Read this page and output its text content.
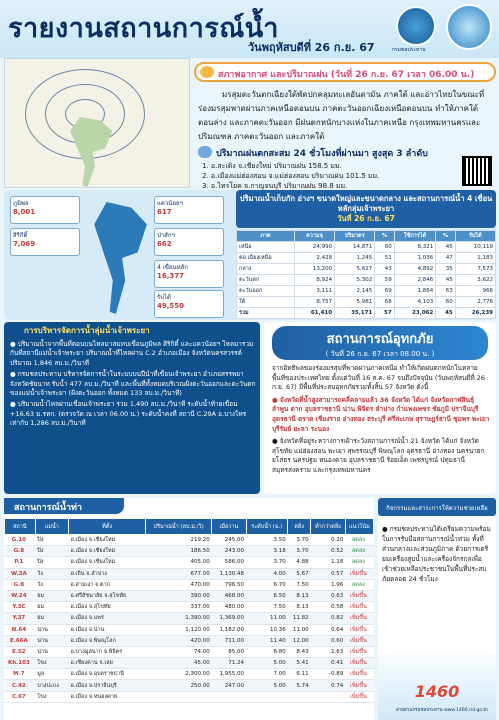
รายงานสถานการณ์น้ำ
วันพฤหัสบดีที่ 26 ก.ย. 67	กรมชลประทาน
สภาพอากาศ และปริมาณฝน (วันที่ 26 ก.ย. 67 เวลา 06.00 น.)
มรสุมตะวันตกเฉียงใต้พัดปกคลุมทะเลอันดามัน ภาคใต้ และอ่าวไทยในขณะที่ร่องมรสุมพาดผ่านภาคเหนือตอนบน ภาคตะวันออกเฉียงเหนือตอนบน ทำให้ภาคใต้ตอนล่าง และภาคตะวันออก มีฝนตกหนักบางแห่งในภาคเหนือ กรุงเทพมหานครและปริมณฑล ภาคตะวันออก และภาคใต้
ปริมาณฝนตกสะสม 24 ชั่วโมงที่ผ่านมา สูงสุด 3 ลำดับ
1. อ.สะเดิง จ.เชียงใหม่ ปริมาณฝน 158.5 มม.
2. อ.เมืองแม่ฮ่องสอน จ.แม่ฮ่องสอน ปริมาณฝน 101.5 มม.
3. อ.ไทรโยค จ.กาญจนบุรี ปริมาณฝน 98.8 มม.
ภูมิพล
8,001
สิริกิติ์
7,069
แควน้อยฯ
617
ป่าสักฯ
662
4 เขื่อนหลัก
16,377
รับได้
49,550
ปริมาณน้ำเก็บกัก อ่างฯ ขนาดใหญ่และขนาดกลาง และสถานการณ์น้ำ 4 เขื่อนหลักลุ่มเจ้าพระยา
วันที่ 26 ก.ย. 67
ภาค	ความจุ	ปริมาตร	%	ใช้การได้	%	รับได้
เหนือ	24,990	14,871	60	8,321	45	10,119
ตอ.เฉียงเหนือ	2,428	1,245	51	1,036	47	1,183
กลาง	13,200	5,627	43	4,892	35	7,573
ตะวันตก	8,924	5,302	59	2,846	45	3,622
ตะวันออก	3,111	2,145	69	1,864	63	966
ใต้	8,757	5,981	68	4,103	60	2,776
รวม	61,410	35,171	57	23,062	45	26,239
การบริหารจัดการน้ำลุ่มน้ำเจ้าพระยา

● ปริมาณน้ำจากพื้นที่ตอนบนไหลมาสมทบเขื่อนภูมิพล สิริกิติ์ และแควน้อยฯ ไหลมารวมกันที่สถานีแม่น้ำเจ้าพระยา ปริมาณน้ำที่ไหลผ่าน C.2 อำเภอเมือง จังหวัดนครสวรรค์ ปริมาณ 1,846 ลบ.ม./วินาที

● กรมชลประทาน บริหารจัดการน้ำในระบบบนปีนำที่เขื่อนเจ้าพระยา อำเภอสรรพยา จังหวัดชัยนาท รับน้ำ 477 ลบ.ม./วินาที และพื้นที่ทั้งหมดบริเวณฝั่งตะวันออกและตะวันตกของแม่น้ำเจ้าพระยา (ฝั่งตะวันออก ทั้งหมด 133 ลบ.ม./วินาที)

● ปริมาณน้ำไหลผ่านเขื่อนเจ้าพระยา รวม 1,490 ลบ.ม./วินาที ระดับน้ำท้ายเขื่อน +16.63 ม.รทก. (ตรวจวัด ณ เวลา 06.00 น.) ระดับน้ำคงที่ สถานี C.29A อ.บางไทร เท่ากับ 1,286 ลบ.ม./วินาที

สถานการณ์อุทกภัย
( วันที่ 26 ก.ย. 67 เวลา 08.00 น. )

จากอิทธิพลของร่องมรสุมที่พาดผ่านภาคเหนือ ทำให้เกิดฝนตกหนักในหลายพื้นที่ของประเทศไทย ตั้งแต่วันที่ 16 ส.ค. 67 จนถึงปัจจุบัน (วันพฤหัสบดีที่ 26 ก.ย. 67) มีพื้นที่ประสบอุทกภัยรวมทั้งสิ้น 57 จังหวัด ดังนี้

● จังหวัดที่น้ำสูงสามารถคลี่คลายแล้ว 36 จังหวัด ได้แก่ จังหวัดกาฬสินธุ์ ลำพูน ตาก อุบลราชธานี น่าน พิจิตร ลำปาง กำแพงเพชร ชัยภูมิ ปราจีนบุรี อุดรธานี ตราด เชียงราย อ่างทอง สระบุรี ศรีสะเกษ สุราษฎร์ธานี ชุมพร พะเยา บุรีรัมย์ ยะลา ระนอง

● จังหวัดที่อยู่ระหว่างการเฝ้าระวังสถานการณ์น้ำ 21 จังหวัด ได้แก่ จังหวัดสุโขทัย แม่ฮ่องสอน พะเยา สุพรรณบุรี พิษณุโลก อุดรธานี อ่างทอง นครนายก ยโสธร นครปฐม หนองคาย อุบลราชธานี ร้อยเอ็ด เพชรบูรณ์ ปทุมธานี สมุทรสงคราม และกรุงเทพมหานคร

สถานการณ์น้ำท่า
สถานี	แม่น้ำ	ที่ตั้ง	ปริมาณน้ำ (ลบ.ม./วิ)	เมื่อวาน	ระดับน้ำ (ม.)	ตลิ่ง	ต่ำกว่าตลิ่ง	แนวโน้ม
G.10	ปิง	อ.เมือง จ.เชียงใหม่	219.20	245.00	3.50	3.70	0.20	ลดลง
G.8	ปิง	อ.เมือง จ.เชียงใหม่	186.50	243.00	3.18	3.70	0.52	ลดลง
P.1	ปิง	อ.เมือง จ.เชียงใหม่	405.00	586.00	3.70	4.88	1.18	ลดลง
W.3A	วัง	อ.เถิน จ.ลำปาง	677.00	1,130.48	4.00	5.67	0.57	เพิ่มขึ้น
G.8	วัง	อ.สามเงา จ.ตาก	470.00	796.50	6.70	7.50	1.96	ลดลง
W.24	ยม	อ.ศรีสัชนาลัย จ.สุโขทัย	390.00	468.00	6.50	8.13	0.63	เพิ่มขึ้น
Y.3C	ยม	อ.เมือง จ.สุโขทัย	337.00	480.00	7.50	8.13	0.58	เพิ่มขึ้น
Y.37	ยม	อ.เมือง จ.แพร่	1,390.00	1,369.00	11.00	11.82	0.82	เพิ่มขึ้น
N.64	น่าน	อ.เมือง จ.น่าน	1,120.00	1,182.00	10.36	11.00	0.64	เพิ่มขึ้น
E.66A	น่าน	อ.เมือง จ.พิษณุโลก	420.00	711.00	11.40	12.00	0.60	เพิ่มขึ้น
E.52	น่าน	อ.บางมูลนาก จ.พิจิตร	74.00	85.00	6.80	8.43	1.63	เพิ่มขึ้น
Kh.103	โขง	อ.เชียงคาน จ.เลย	45.00	71.24	5.00	5.41	0.41	เพิ่มขึ้น
M.7	มูล	อ.เมือง จ.อุบลราชธานี	2,300.00	1,955.00	7.00	6.11	-0.89	เพิ่มขึ้น
C.42	บางปะกง	อ.เมือง จ.ปราจีนบุรี	250.00	247.00	5.00	5.74	0.74	เพิ่มขึ้น
C.67	โขง	อ.เมือง จ.หนองคาย						เพิ่มขึ้น
กิจกรรมและสาระการให้ความช่วยเหลือ
● กรมชลประทานได้เตรียมความพร้อมในการรับมือสถานการณ์น้ำท่วม ทั้งที่ส่วนกลางและส่วนภูมิภาค ด้วยการเตรียมเครื่องสูบน้ำและเครื่องจักรกลเพื่อเข้าช่วยเหลือประชาชนในพื้นที่ประสบภัยตลอด 24 ชั่วโมง
1460
สายด่วนกรมชลประทาน www.1460.rid.go.th
